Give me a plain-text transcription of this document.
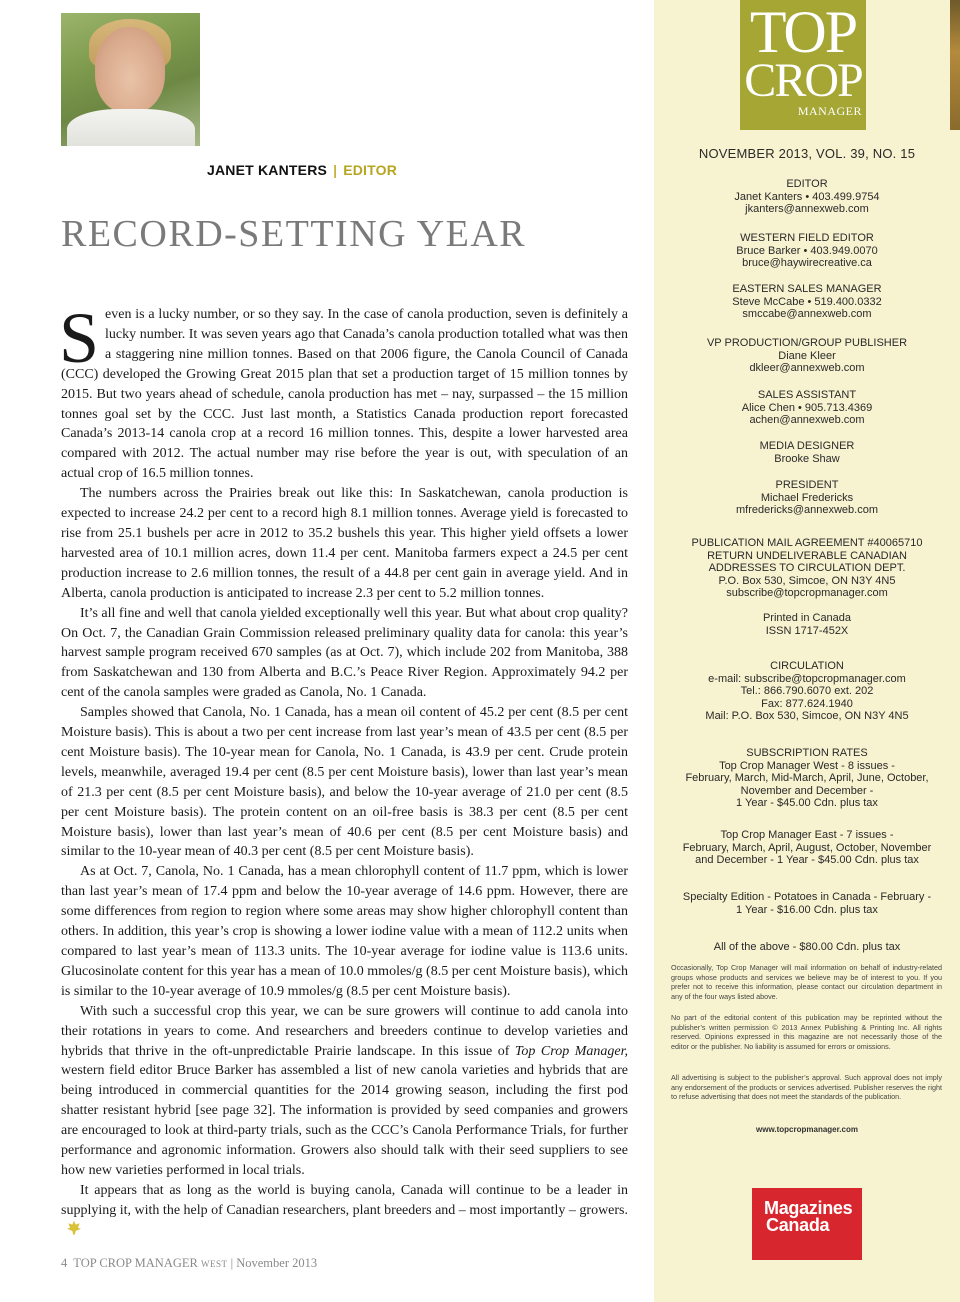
JANET KANTERS | EDITOR
RECORD-SETTING YEAR

Seven is a lucky number, or so they say. In the case of canola production, seven is definitely a lucky number. It was seven years ago that Canada’s canola production totalled what was then a staggering nine million tonnes. Based on that 2006 figure, the Canola Council of Canada (CCC) developed the Growing Great 2015 plan that set a production target of 15 million tonnes by 2015. But two years ahead of schedule, canola production has met – nay, surpassed – the 15 million tonnes goal set by the CCC. Just last month, a Statistics Canada production report forecasted Canada’s 2013-14 canola crop at a record 16 million tonnes. This, despite a lower harvested area compared with 2012. The actual number may rise before the year is out, with speculation of an actual crop of 16.5 million tonnes.

The numbers across the Prairies break out like this: In Saskatchewan, canola production is expected to increase 24.2 per cent to a record high 8.1 million tonnes. Average yield is forecasted to rise from 25.1 bushels per acre in 2012 to 35.2 bushels this year. This higher yield offsets a lower harvested area of 10.1 million acres, down 11.4 per cent. Manitoba farmers expect a 24.5 per cent production increase to 2.6 million tonnes, the result of a 44.8 per cent gain in average yield. And in Alberta, canola production is anticipated to increase 2.3 per cent to 5.2 million tonnes.

It’s all fine and well that canola yielded exceptionally well this year. But what about crop quality? On Oct. 7, the Canadian Grain Commission released preliminary quality data for canola: this year’s harvest sample program received 670 samples (as at Oct. 7), which include 202 from Manitoba, 388 from Saskatchewan and 130 from Alberta and B.C.’s Peace River Region. Approximately 94.2 per cent of the canola samples were graded as Canola, No. 1 Canada.

Samples showed that Canola, No. 1 Canada, has a mean oil content of 45.2 per cent (8.5 per cent Moisture basis). This is about a two per cent increase from last year’s mean of 43.5 per cent (8.5 per cent Moisture basis). The 10-year mean for Canola, No. 1 Canada, is 43.9 per cent. Crude protein levels, meanwhile, averaged 19.4 per cent (8.5 per cent Moisture basis), lower than last year’s mean of 21.3 per cent (8.5 per cent Moisture basis), and below the 10-year average of 21.0 per cent (8.5 per cent Moisture basis). The protein content on an oil-free basis is 38.3 per cent (8.5 per cent Moisture basis), lower than last year’s mean of 40.6 per cent (8.5 per cent Moisture basis) and similar to the 10-year mean of 40.3 per cent (8.5 per cent Moisture basis).

As at Oct. 7, Canola, No. 1 Canada, has a mean chlorophyll content of 11.7 ppm, which is lower than last year’s mean of 17.4 ppm and below the 10-year average of 14.6 ppm. However, there are some differences from region to region where some areas may show higher chlorophyll content than others. In addition, this year’s crop is showing a lower iodine value with a mean of 112.2 units when compared to last year’s mean of 113.3 units. The 10-year average for iodine value is 113.6 units. Glucosinolate content for this year has a mean of 10.0 mmoles/g (8.5 per cent Moisture basis), which is similar to the 10-year average of 10.9 mmoles/g (8.5 per cent Moisture basis).

With such a successful crop this year, we can be sure growers will continue to add canola into their rotations in years to come. And researchers and breeders continue to develop varieties and hybrids that thrive in the oft-unpredictable Prairie landscape. In this issue of Top Crop Manager, western field editor Bruce Barker has assembled a list of new canola varieties and hybrids that are being introduced in commercial quantities for the 2014 growing season, including the first pod shatter resistant hybrid [see page 32]. The information is provided by seed companies and growers are encouraged to look at third-party trials, such as the CCC’s Canola Performance Trials, for further performance and agronomic information. Growers also should talk with their seed suppliers to see how new varieties performed in local trials.

It appears that as long as the world is buying canola, Canada will continue to be a leader in supplying it, with the help of Canadian researchers, plant breeders and – most importantly – growers.

4 TOP CROP MANAGER WEST | November 2013
TOP
CROP
MANAGER
NOVEMBER 2013, VOL. 39, NO. 15
EDITOR
Janet Kanters • 403.499.9754
jkanters@annexweb.com
WESTERN FIELD EDITOR
Bruce Barker • 403.949.0070
bruce@haywirecreative.ca
EASTERN SALES MANAGER
Steve McCabe • 519.400.0332
smccabe@annexweb.com
VP PRODUCTION/GROUP PUBLISHER
Diane Kleer
dkleer@annexweb.com
SALES ASSISTANT
Alice Chen • 905.713.4369
achen@annexweb.com
MEDIA DESIGNER
Brooke Shaw
PRESIDENT
Michael Fredericks
mfredericks@annexweb.com
PUBLICATION MAIL AGREEMENT #40065710
RETURN UNDELIVERABLE CANADIAN
ADDRESSES TO CIRCULATION DEPT.
P.O. Box 530, Simcoe, ON N3Y 4N5
subscribe@topcropmanager.com
Printed in Canada
ISSN 1717-452X
CIRCULATION
e-mail: subscribe@topcropmanager.com
Tel.: 866.790.6070 ext. 202
Fax: 877.624.1940
Mail: P.O. Box 530, Simcoe, ON N3Y 4N5
SUBSCRIPTION RATES
Top Crop Manager West - 8 issues -
February, March, Mid-March, April, June, October,
November and December -
1 Year - $45.00 Cdn. plus tax
Top Crop Manager East - 7 issues -
February, March, April, August, October, November
and December - 1 Year - $45.00 Cdn. plus tax
Specialty Edition - Potatoes in Canada - February -
1 Year - $16.00 Cdn. plus tax
All of the above - $80.00 Cdn. plus tax
Occasionally, Top Crop Manager will mail information on behalf of industry-related groups whose products and services we believe may be of interest to you. If you prefer not to receive this information, please contact our circulation department in any of the four ways listed above.
No part of the editorial content of this publication may be reprinted without the publisher’s written permission © 2013 Annex Publishing & Printing Inc. All rights reserved. Opinions expressed in this magazine are not necessarily those of the editor or the publisher. No liability is assumed for errors or omissions.
All advertising is subject to the publisher’s approval. Such approval does not imply any endorsement of the products or services advertised. Publisher reserves the right to refuse advertising that does not meet the standards of the publication.
www.topcropmanager.com
Magazines
Canada
